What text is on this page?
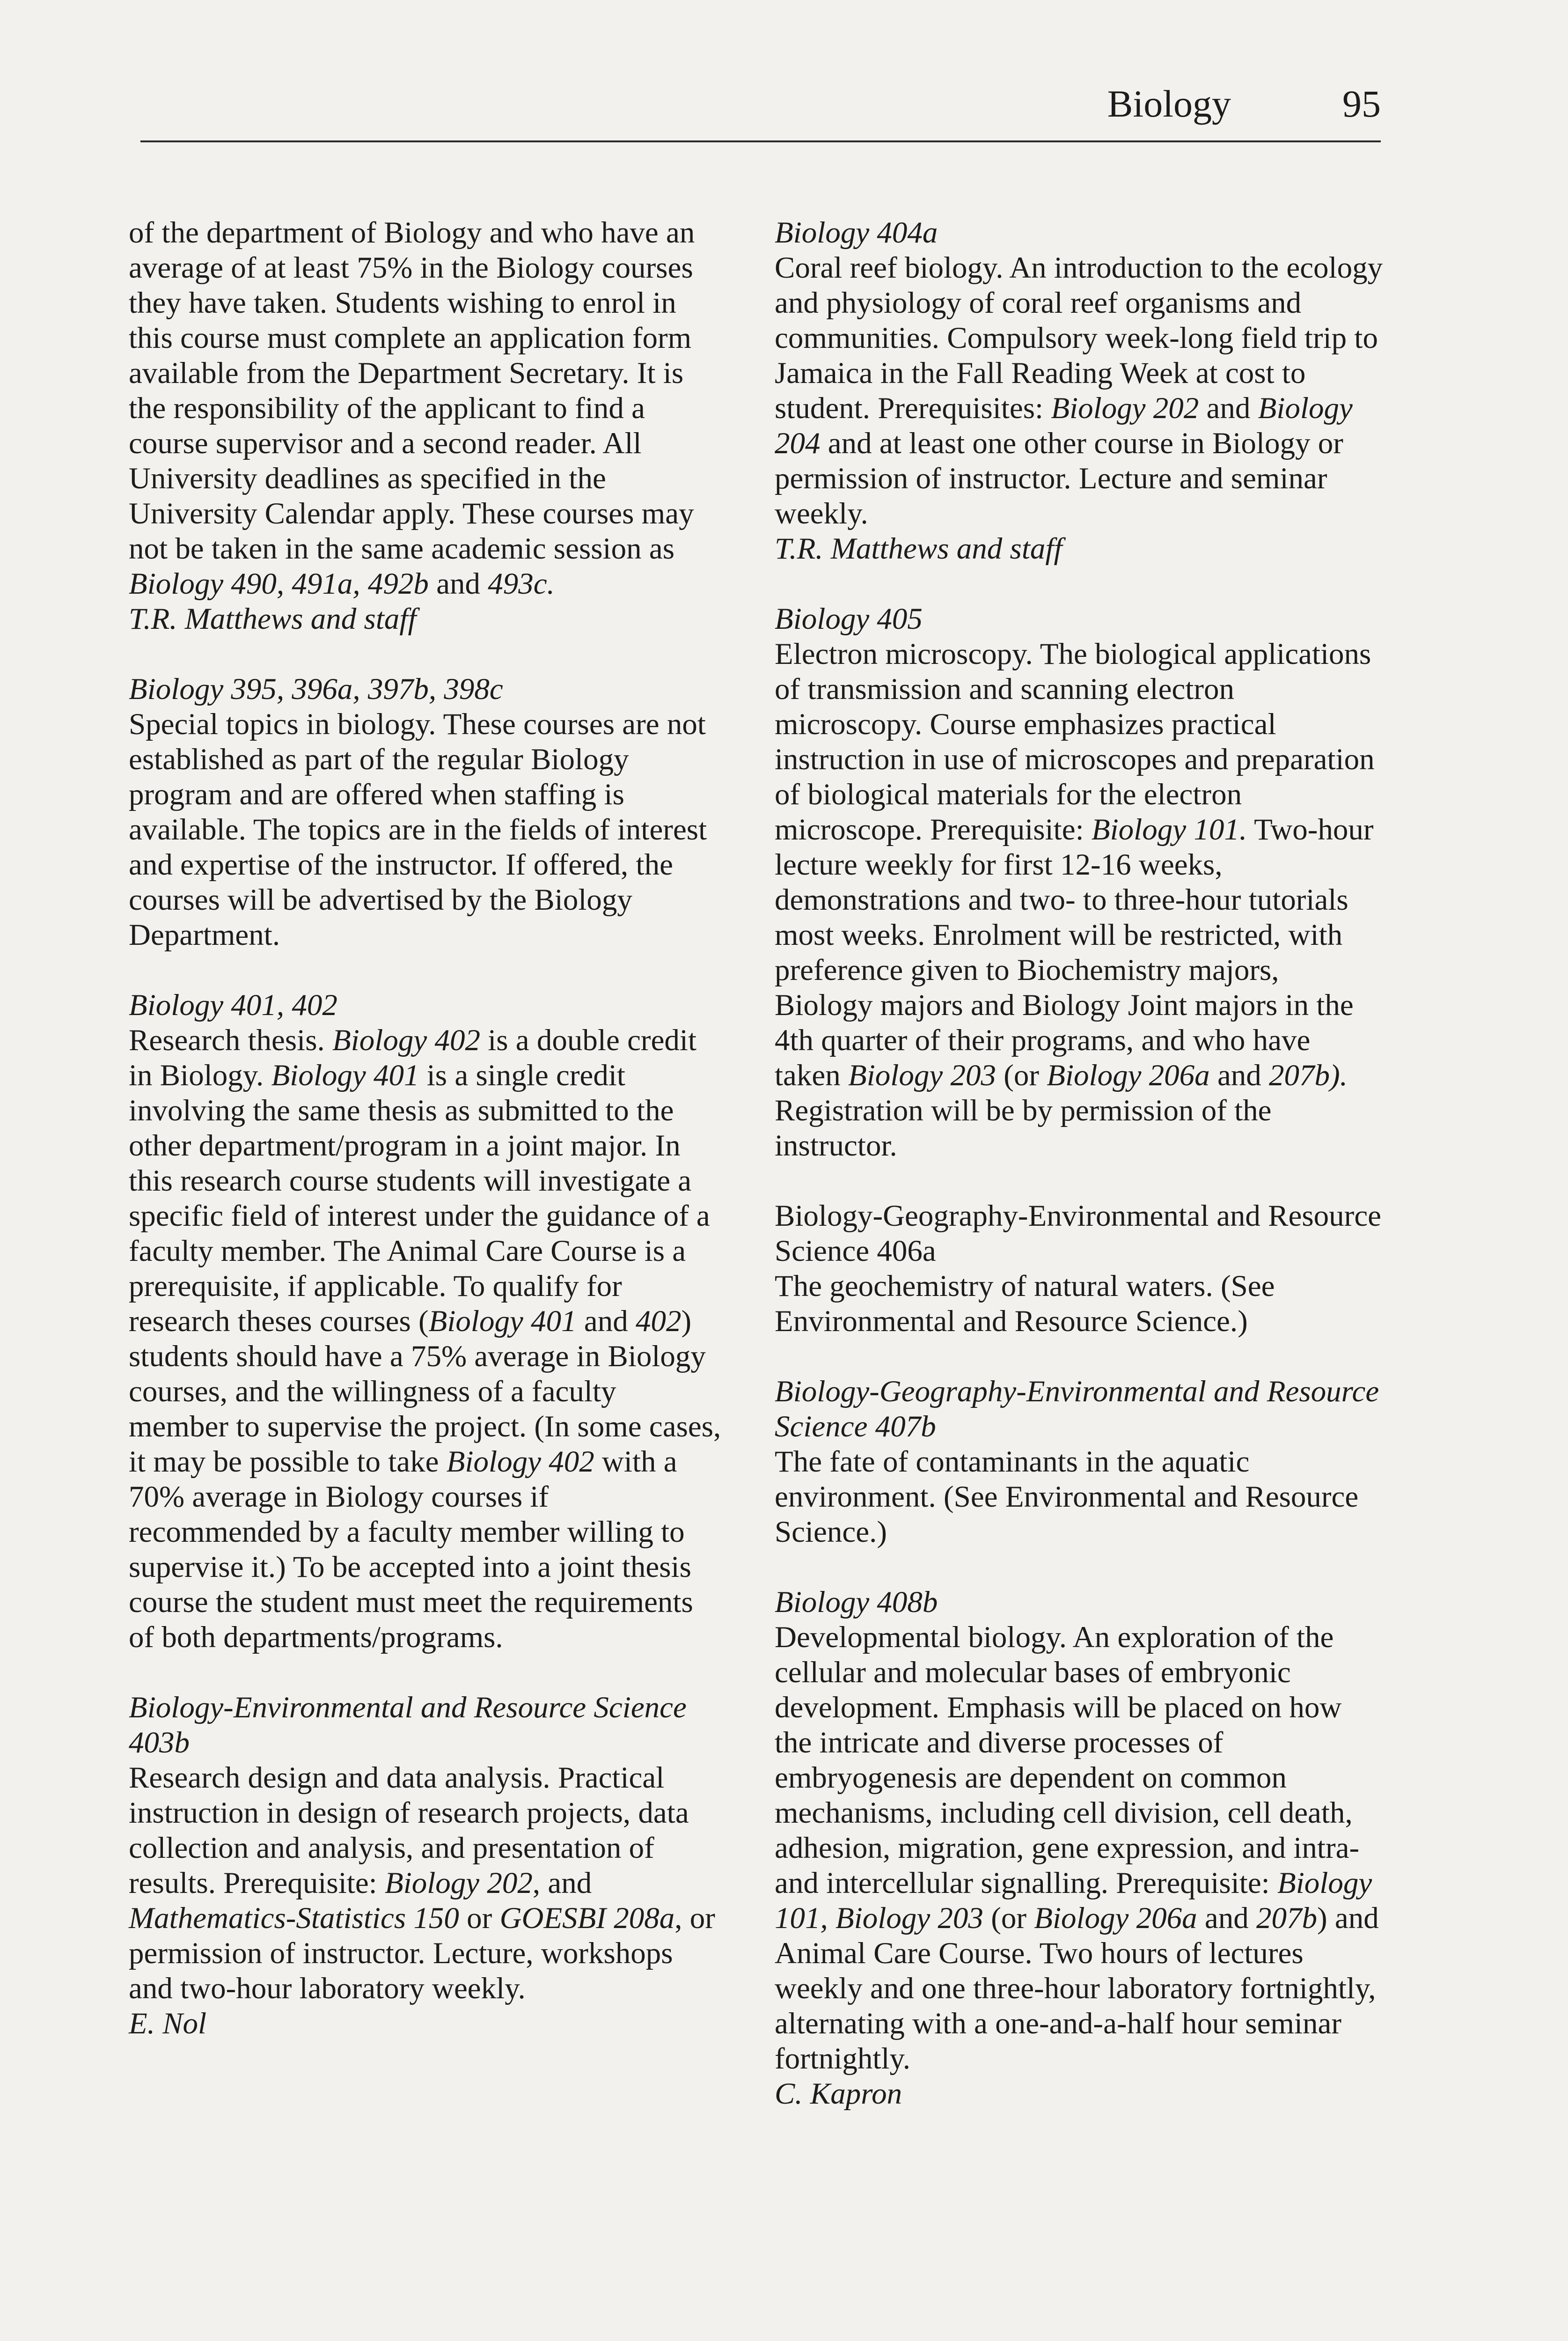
Biology	95

of the department of Biology and who have an average of at least 75% in the Biology courses they have taken. Students wishing to enrol in this course must complete an application form available from the Department Secretary. It is the responsibility of the applicant to find a course supervisor and a second reader. All University deadlines as specified in the University Calendar apply. These courses may not be taken in the same academic session as Biology 490, 491a, 492b and 493c.

T.R. Matthews and staff

Biology 395, 396a, 397b, 398c

Special topics in biology. These courses are not established as part of the regular Biology program and are offered when staffing is available. The topics are in the fields of interest and expertise of the instructor. If offered, the courses will be advertised by the Biology Department.

Biology 401, 402

Research thesis. Biology 402 is a double credit in Biology. Biology 401 is a single credit involving the same thesis as submitted to the other department/program in a joint major. In this research course students will investigate a specific field of interest under the guidance of a faculty member. The Animal Care Course is a prerequisite, if applicable. To qualify for research theses courses (Biology 401 and 402) students should have a 75% average in Biology courses, and the willingness of a faculty member to supervise the project. (In some cases, it may be possible to take Biology 402 with a 70% average in Biology courses if recommended by a faculty member willing to supervise it.) To be accepted into a joint thesis course the student must meet the requirements of both departments/programs.

Biology-Environmental and Resource Science 403b

Research design and data analysis. Practical instruction in design of research projects, data collection and analysis, and presentation of results. Prerequisite: Biology 202, and Mathematics-Statistics 150 or GOESBI 208a, or permission of instructor. Lecture, workshops and two-hour laboratory weekly.

E. Nol

Biology 404a

Coral reef biology. An introduction to the ecology and physiology of coral reef organisms and communities. Compulsory week-long field trip to Jamaica in the Fall Reading Week at cost to student. Prerequisites: Biology 202 and Biology 204 and at least one other course in Biology or permission of instructor. Lecture and seminar weekly.

T.R. Matthews and staff

Biology 405

Electron microscopy. The biological applications of transmission and scanning electron microscopy. Course emphasizes practical instruction in use of microscopes and preparation of biological materials for the electron microscope. Prerequisite: Biology 101. Two-hour lecture weekly for first 12-16 weeks, demonstrations and two- to three-hour tutorials most weeks. Enrolment will be restricted, with preference given to Biochemistry majors, Biology majors and Biology Joint majors in the 4th quarter of their programs, and who have taken Biology 203 (or Biology 206a and 207b). Registration will be by permission of the instructor.

Biology-Geography-Environmental and Resource Science 406a

The geochemistry of natural waters. (See Environmental and Resource Science.)

Biology-Geography-Environmental and Resource Science 407b

The fate of contaminants in the aquatic environment. (See Environmental and Resource Science.)

Biology 408b

Developmental biology. An exploration of the cellular and molecular bases of embryonic development. Emphasis will be placed on how the intricate and diverse processes of embryogenesis are dependent on common mechanisms, including cell division, cell death, adhesion, migration, gene expression, and intra- and intercellular signalling. Prerequisite: Biology 101, Biology 203 (or Biology 206a and 207b) and Animal Care Course. Two hours of lectures weekly and one three-hour laboratory fortnightly, alternating with a one-and-a-half hour seminar fortnightly.

C. Kapron
